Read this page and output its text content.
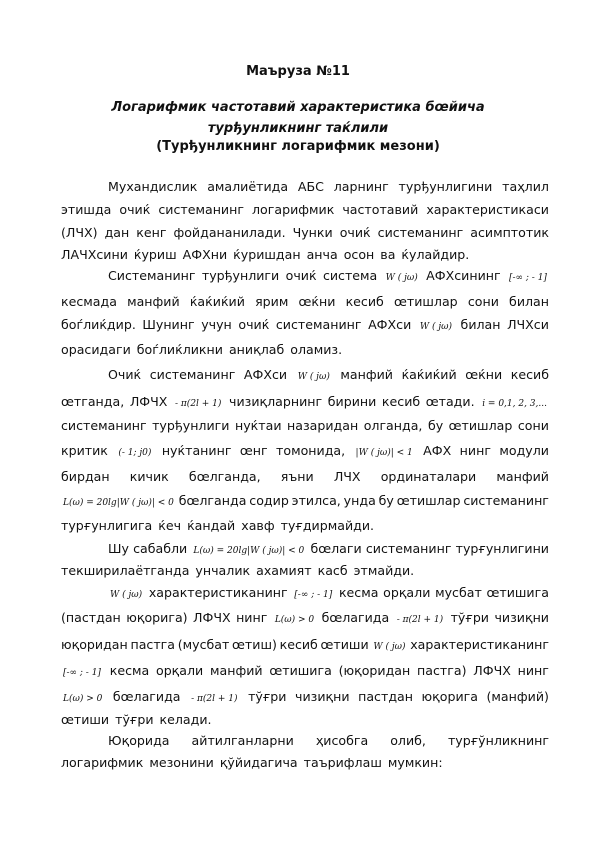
Маъруза №11
Логарифмик частотавий характеристика бœйича турђунликнинг таќлили
(Турђунликнинг логарифмик мезони)
Мухандислик амалиётида АБС ларнинг турђунлигини таҳлил
этишда очиќ системанинг логарифмик частотавий характеристикаси
(ЛЧХ) дан кенг фойдананилади. Чунки очиќ системанинг асимптотик
ЛАЧХсини ќуриш АФХни ќуришдан анча осон ва ќулайдир.
Системанинг турђунлиги очиќ система W ( jω) АФХсининг [-∞ ; - 1]
кесмада манфий ќаќиќий ярим œќни кесиб œтишлар сони билан
боѓлиќдир. Шунинг учун очиќ системанинг АФХси W ( jω) билан ЛЧХси
орасидаги боѓлиќликни аниқлаб оламиз.
Очиќ системанинг АФХси W ( jω) манфий ќаќиќий œќни кесиб
œтганда, ЛФЧХ - π(2l + 1) чизиқларнинг бирини кесиб œтади. i = 0,1, 2, 3,...
системанинг турђунлиги нуќтаи назаридан олганда, бу œтишлар сони
критик (- 1; j0) нуќтанинг œнг томонида, |W ( jω)| < 1 АФХ нинг модули
бирдан кичик бœлганда, яъни ЛЧХ ординаталари манфий
L(ω) = 20lg|W ( jω)| < 0 бœлганда содир этилса, унда бу œтишлар системанинг
турғунлигига ќеч ќандай хавф туғдирмайди.
Шу сабабли L(ω) = 20lg|W ( jω)| < 0 бœлаги системанинг турғунлигини
текширилаётганда унчалик ахамият касб этмайди.
W ( jω) характеристиканинг [-∞ ; - 1] кесма орқали мусбат œтишига
(пастдан юқорига) ЛФЧХ нинг L(ω) > 0 бœлагида - π(2l + 1) тўғри чизиқни
юқоридан пастга (мусбат œтиш) кесиб œтиши W ( jω) характеристиканинг
[-∞ ; - 1] кесма орқали манфий œтишига (юқоридан пастга) ЛФЧХ нинг
L(ω) > 0 бœлагида - π(2l + 1) тўғри чизиқни пастдан юқорига (манфий)
œтиши тўғри келади.
Юқорида айтилганларни ҳисобга олиб, турғўнликнинг
логарифмик мезонини қўйидагича таърифлаш мумкин:
